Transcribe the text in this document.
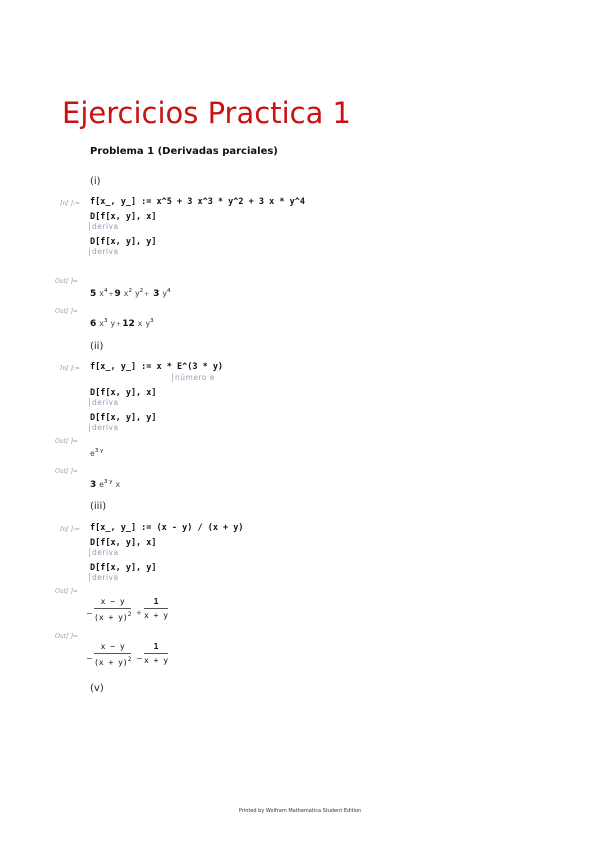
Ejercicios Practica 1
Problema 1 (Derivadas parciales)
(i)
In[ ]:= f[x_, y_] := x^5 + 3 x^3 * y^2 + 3 x * y^4
D[f[x, y], x]
deriva
D[f[x, y], y]
deriva
Out[ ]=
5 $x^4+9$ $x^2$ $y^2+ 3$ $y^4$
Out[ ]=
6 $x^3$ y+12 x $y^3$
(ii)
In[ ]:= f[x_, y_] := x * E^(3 * y)
número e
D[f[x, y], x]
deriva
D[f[x, y], y]
deriva
Out[ ]=
$e^{3 y}$
Out[ ]=
3 $e^{3 y}$ x
(iii)
In[ ]:= f[x_, y_] := (x - y) / (x + y)
D[f[x, y], x]
deriva
D[f[x, y], y]
deriva
Out[ ]=
−
x − y
$(x + y)^2$ +
1
x + y
Out[ ]=
−
x − y
$(x + y)^2$ −
1
x + y
(v)
Printed by Wolfram Mathematica Student Edition
